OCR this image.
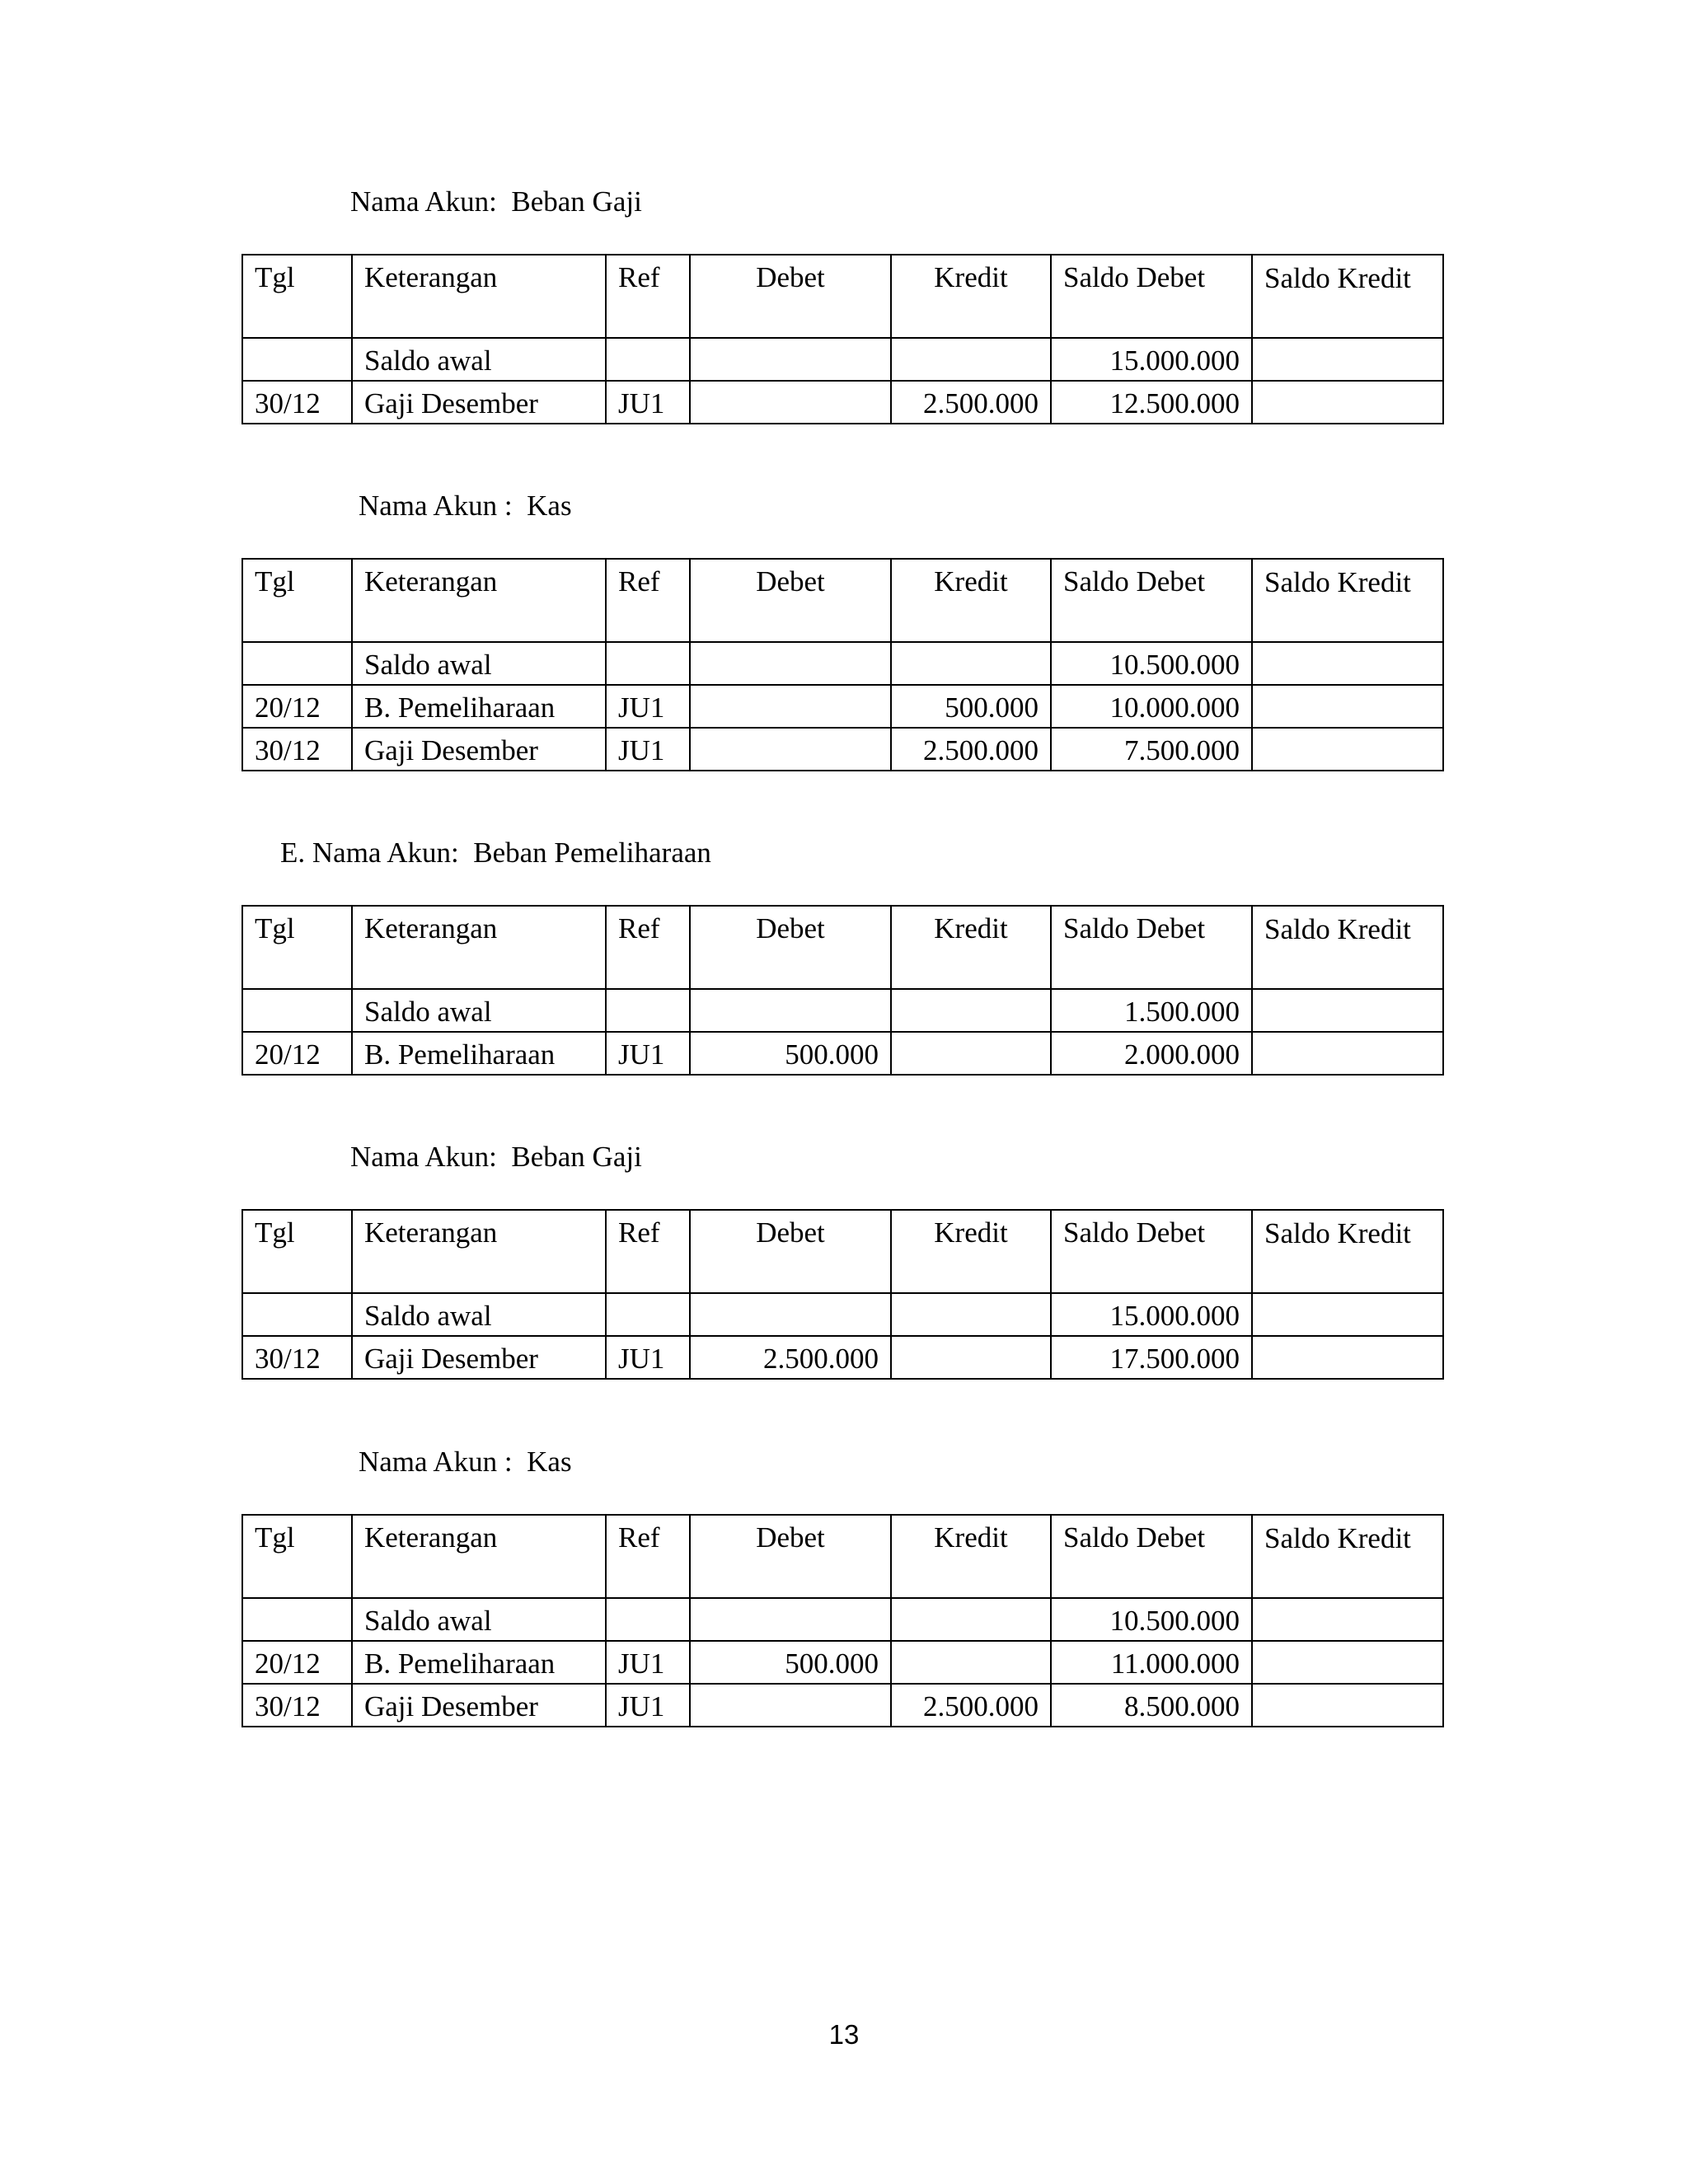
Nama Akun:  Beban Gaji
Tgl	Keterangan	Ref	Debet	Kredit	Saldo Debet	Saldo Kredit
	Saldo awal				15.000.000	
30/12	Gaji Desember	JU1		2.500.000	12.500.000	
Nama Akun :  Kas
Tgl	Keterangan	Ref	Debet	Kredit	Saldo Debet	Saldo Kredit
	Saldo awal				10.500.000	
20/12	B. Pemeliharaan	JU1		500.000	10.000.000	
30/12	Gaji Desember	JU1		2.500.000	7.500.000	
E. Nama Akun:  Beban Pemeliharaan
Tgl	Keterangan	Ref	Debet	Kredit	Saldo Debet	Saldo Kredit
	Saldo awal				1.500.000	
20/12	B. Pemeliharaan	JU1	500.000		2.000.000	
Nama Akun:  Beban Gaji
Tgl	Keterangan	Ref	Debet	Kredit	Saldo Debet	Saldo Kredit
	Saldo awal				15.000.000	
30/12	Gaji Desember	JU1	2.500.000		17.500.000	
Nama Akun :  Kas
Tgl	Keterangan	Ref	Debet	Kredit	Saldo Debet	Saldo Kredit
	Saldo awal				10.500.000	
20/12	B. Pemeliharaan	JU1	500.000		11.000.000	
30/12	Gaji Desember	JU1		2.500.000	8.500.000	
13
